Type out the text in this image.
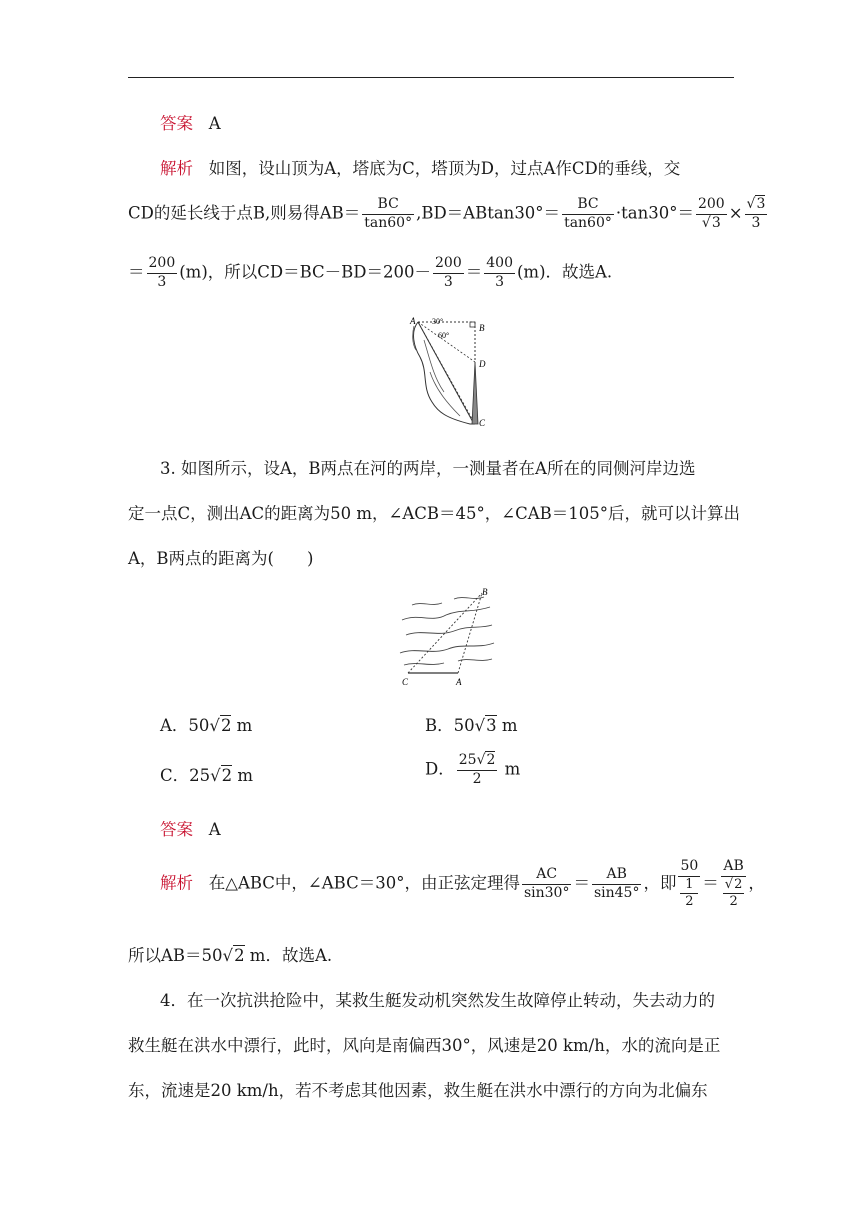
答案 A
解析 如图，设山顶为A，塔底为C，塔顶为D，过点A作CD的垂线，交
CD的延长线于点B,则易得$AB= \frac{BC}{\tan 60^\circ} ,BD=ABtan30^\circ= \frac{BC}{\tan 60^\circ} \cdot\tan 30^\circ= \frac{200}{√3} \times \frac{√3}{3}$
＝ $\frac{200}{3} (m)$，所以$CD=BC-BD=200- \frac{200}{3} = \frac{400}{3} (m)$．故选A.
A
B
D
C
30°
60°
3. 如图所示，设A，B两点在河的两岸，一测量者在A所在的同侧河岸边选
定一点C，测出AC的距离为50 m，∠ACB＝45°，∠CAB＝105°后，就可以计算出
A，B两点的距离为(　　)
C	A
B
A．50√2 m	B．50√3 m
C．25√2 m	D． $\frac{25√2}{2}$ m
答案 A
解析 在△ABC中，∠ABC＝30°，由正弦定理得 $\frac{AC}{\sin 30^\circ} = \frac{AB}{\sin 45^\circ}$ ，即 50
1
2 ＝ AB
√2
2 ，
所以AB＝50√2 m．故选A.
4．在一次抗洪抢险中，某救生艇发动机突然发生故障停止转动，失去动力的
救生艇在洪水中漂行，此时，风向是南偏西30°，风速是20 km/h，水的流向是正
东，流速是20 km/h，若不考虑其他因素，救生艇在洪水中漂行的方向为北偏东
